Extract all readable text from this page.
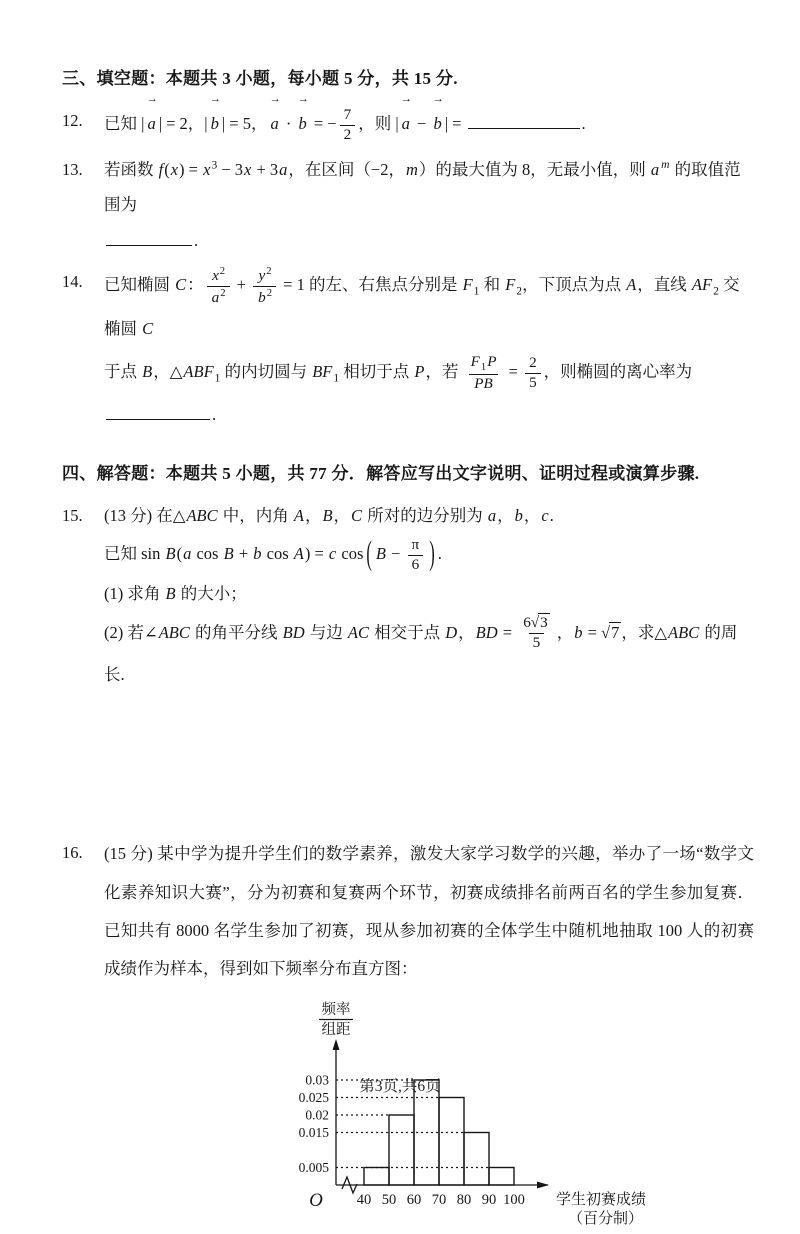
三、填空题：本题共 3 小题，每小题 5 分，共 15 分.
12.	已知 | a
→
| = 2，| b
→
| = 5， a
→
· b
→
= − $\frac{7}{2}$ ，则 | a
→
− b
→
| =	.
13.	若函数 $f(x) = x^3 - 3x + 3a$，在区间（−2，m）的最大值为 8，无最小值，则 a $^m$ 的取值范围为
.
14.	已知椭圆 C： $\frac{x^2}{a^2} + \frac{y^2}{b^2} = 1$ 的左、右焦点分别是 $F_1$ 和 $F_2$，下顶点为点 A，直线 $AF_2$ 交椭圆 C
于点 B，$\triangle ABF_1$ 的内切圆与 $BF_1$ 相切于点 P，若 $\frac{F_1P}{PB} = \frac{2}{5}$ ，则椭圆的离心率为.
四、解答题：本题共 5 小题，共 77 分．解答应写出文字说明、证明过程或演算步骤.
15.	(13 分) 在△ABC 中，内角 A，B，C 所对的边分别为 a，b，c.
已知 sin B(a cos B + b cos A) = c cos ( $B - \frac{\pi}{6}$ ) .
(1) 求角 B 的大小；
(2) 若∠ABC 的角平分线 BD 与边 AC 相交于点 D，BD = $\frac{6√3}{5}$ ，b = √7 ，求△ABC 的周长.
16.	(15 分) 某中学为提升学生们的数学素养，激发大家学习数学的兴趣，举办了一场“数学文化素养知识大赛”，分为初赛和复赛两个环节，初赛成绩排名前两百名的学生参加复赛．已知共有 8000 名学生参加了初赛，现从参加初赛的全体学生中随机地抽取 100 人的初赛成绩作为样本，得到如下频率分布直方图：
0.005
0.015
0.02
0.025
0.03
40 50 60 70 80 90 100
O
频率
组距
学生初赛成绩
（百分制）
第3页,共6页
